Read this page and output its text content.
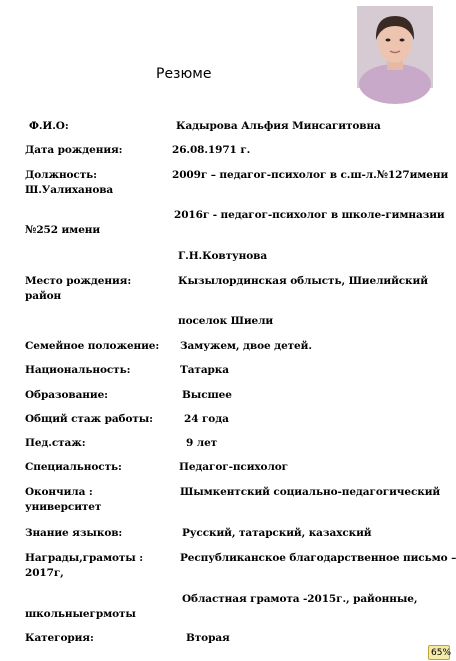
Резюме
Ф.И.О:	Кадырова Альфия Минсагитовна
Дата рождения:	26.08.1971 г.
Должность:	2009г – педагог-психолог в с.ш-л.№127имени
Ш.Уалиханова
2016г - педагог-психолог в школе-гимназии
№252 имени
Г.Н.Ковтунова
Место рождения:	Кызылординская облысть, Шиелийский
район
поселок Шиели
Семейное положение: Замужем, двое детей.
Национальность:	Татарка
Образование:	Высшее
Общий стаж работы:	24 года
Пед.стаж:	9 лет
Специальность:	Педагог-психолог
Окончила :	Шымкентский социально-педагогический
университет
Знание языков:	Русский, татарский, казахский
Награды,грамоты :	Республиканское благодарственное письмо –
2017г,
Областная грамота -2015г., районные,
школьныегрмоты
Категория:	Вторая
65%
